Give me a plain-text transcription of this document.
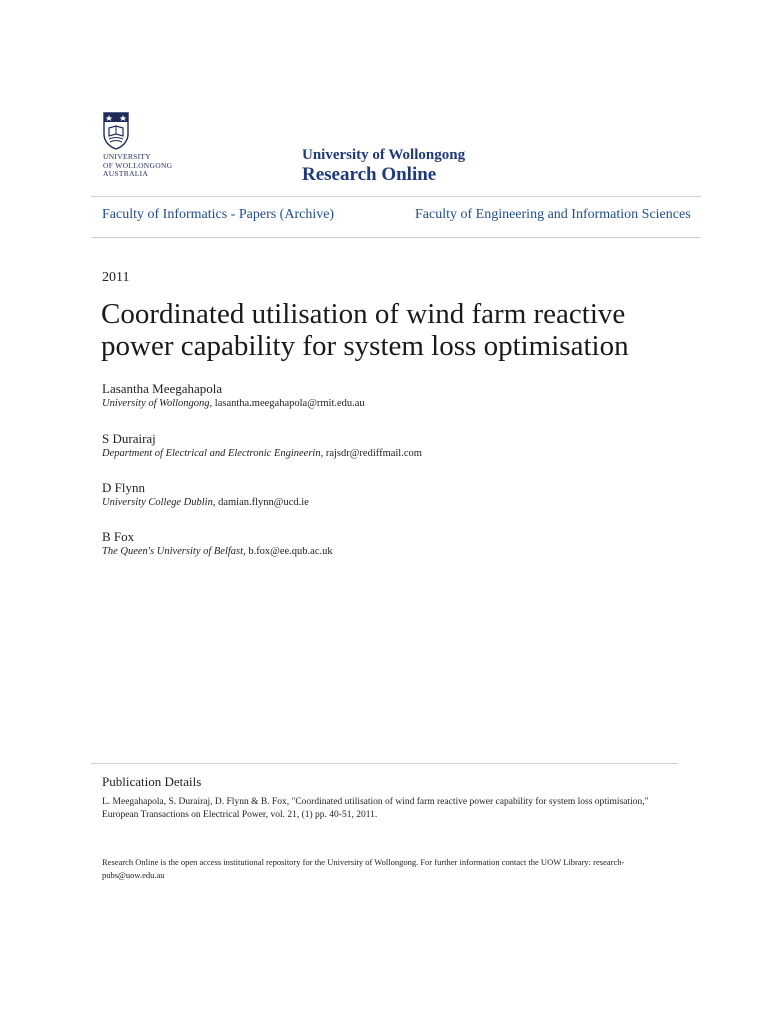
UNIVERSITY
OF WOLLONGONG
AUSTRALIA
University of Wollongong
Research Online
Faculty of Informatics - Papers (Archive)	Faculty of Engineering and Information Sciences
2011
Coordinated utilisation of wind farm reactive power capability for system loss optimisation
Lasantha Meegahapola
University of Wollongong, lasantha.meegahapola@rmit.edu.au
S Durairaj
Department of Electrical and Electronic Engineerin, rajsdr@rediffmail.com
D Flynn
University College Dublin, damian.flynn@ucd.ie
B Fox
The Queen's University of Belfast, b.fox@ee.qub.ac.uk
Publication Details
L. Meegahapola, S. Durairaj, D. Flynn & B. Fox, "Coordinated utilisation of wind farm reactive power capability for system loss optimisation," European Transactions on Electrical Power, vol. 21, (1) pp. 40-51, 2011.
Research Online is the open access institutional repository for the University of Wollongong. For further information contact the UOW Library: research-pubs@uow.edu.au
